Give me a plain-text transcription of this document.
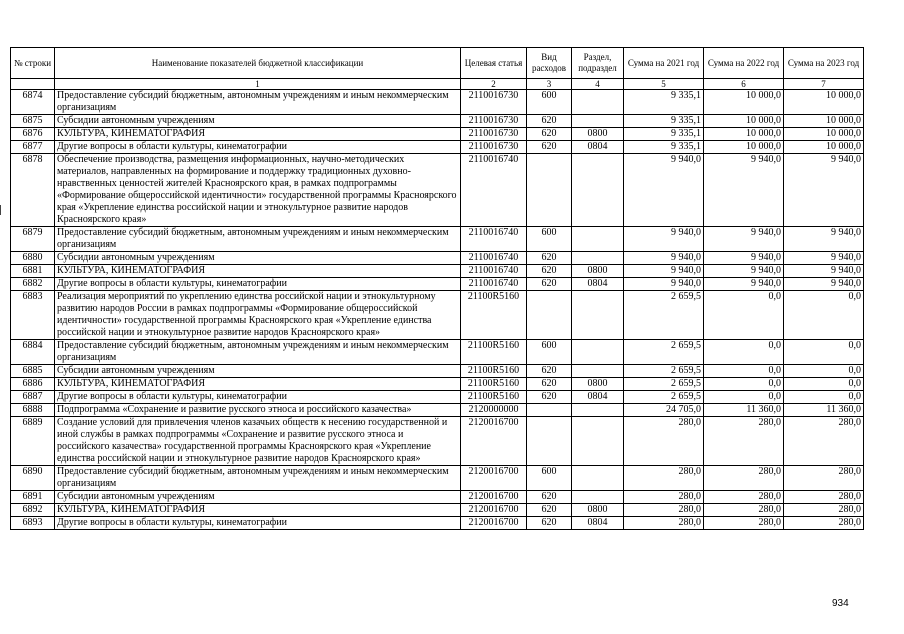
№ строки	Наименование показателей бюджетной классификации	Целевая статья	Вид расходов	Раздел, подраздел	Сумма на 2021 год	Сумма на 2022 год	Сумма на 2023 год
	1	2	3	4	5	6	7
6874	Предоставление субсидий бюджетным, автономным учреждениям и иным некоммерческим организациям	2110016730	600		9 335,1	10 000,0	10 000,0
6875	Субсидии автономным учреждениям	2110016730	620		9 335,1	10 000,0	10 000,0
6876	КУЛЬТУРА, КИНЕМАТОГРАФИЯ	2110016730	620	0800	9 335,1	10 000,0	10 000,0
6877	Другие вопросы в области культуры, кинематографии	2110016730	620	0804	9 335,1	10 000,0	10 000,0
6878	Обеспечение производства, размещения информационных, научно-методических материалов, направленных на формирование и поддержку традиционных духовно-нравственных ценностей жителей Красноярского края, в рамках подпрограммы «Формирование общероссийской идентичности» государственной программы Красноярского края «Укрепление единства российской нации и этнокультурное развитие народов Красноярского края»	2110016740			9 940,0	9 940,0	9 940,0
6879	Предоставление субсидий бюджетным, автономным учреждениям и иным некоммерческим организациям	2110016740	600		9 940,0	9 940,0	9 940,0
6880	Субсидии автономным учреждениям	2110016740	620		9 940,0	9 940,0	9 940,0
6881	КУЛЬТУРА, КИНЕМАТОГРАФИЯ	2110016740	620	0800	9 940,0	9 940,0	9 940,0
6882	Другие вопросы в области культуры, кинематографии	2110016740	620	0804	9 940,0	9 940,0	9 940,0
6883	Реализация мероприятий по укреплению единства российской нации и этнокультурному развитию народов России в рамках подпрограммы «Формирование общероссийской идентичности» государственной программы Красноярского края «Укрепление единства российской нации и этнокультурное развитие народов Красноярского края»	21100R5160			2 659,5	0,0	0,0
6884	Предоставление субсидий бюджетным, автономным учреждениям и иным некоммерческим организациям	21100R5160	600		2 659,5	0,0	0,0
6885	Субсидии автономным учреждениям	21100R5160	620		2 659,5	0,0	0,0
6886	КУЛЬТУРА, КИНЕМАТОГРАФИЯ	21100R5160	620	0800	2 659,5	0,0	0,0
6887	Другие вопросы в области культуры, кинематографии	21100R5160	620	0804	2 659,5	0,0	0,0
6888	Подпрограмма «Сохранение и развитие русского этноса и российского казачества»	2120000000			24 705,0	11 360,0	11 360,0
6889	Создание условий для привлечения членов казачьих обществ к несению государственной и иной службы в рамках подпрограммы «Сохранение и развитие русского этноса и российского казачества» государственной программы Красноярского края «Укрепление единства российской нации и этнокультурное развитие народов Красноярского края»	2120016700			280,0	280,0	280,0
6890	Предоставление субсидий бюджетным, автономным учреждениям и иным некоммерческим организациям	2120016700	600		280,0	280,0	280,0
6891	Субсидии автономным учреждениям	2120016700	620		280,0	280,0	280,0
6892	КУЛЬТУРА, КИНЕМАТОГРАФИЯ	2120016700	620	0800	280,0	280,0	280,0
6893	Другие вопросы в области культуры, кинематографии	2120016700	620	0804	280,0	280,0	280,0
934
